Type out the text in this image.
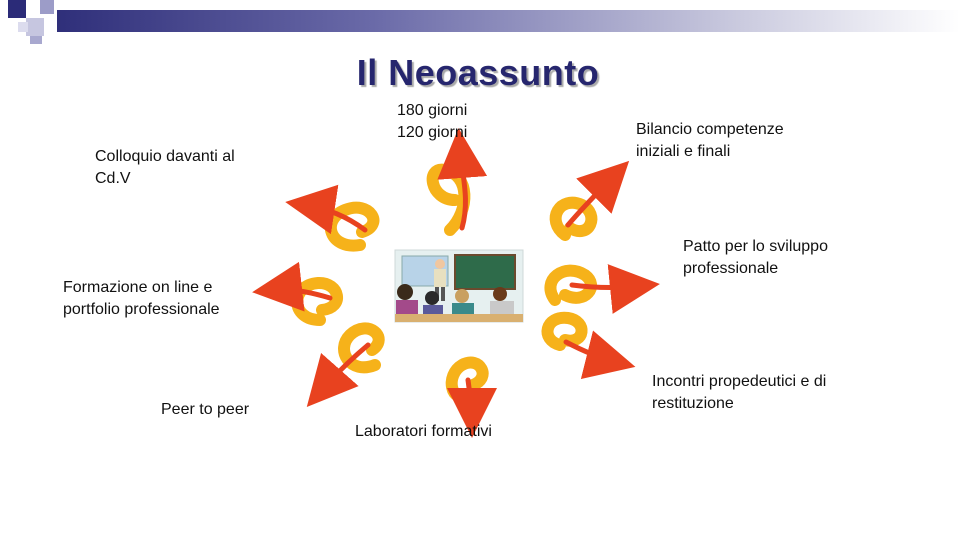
Il Neoassunto
180 giorni
120 giorni
Colloquio davanti al
Cd.V
Bilancio competenze
iniziali e finali
Patto per lo sviluppo
professionale
Formazione on line e
portfolio professionale
Incontri propedeutici e di
restituzione
Peer to peer
Laboratori formativi
